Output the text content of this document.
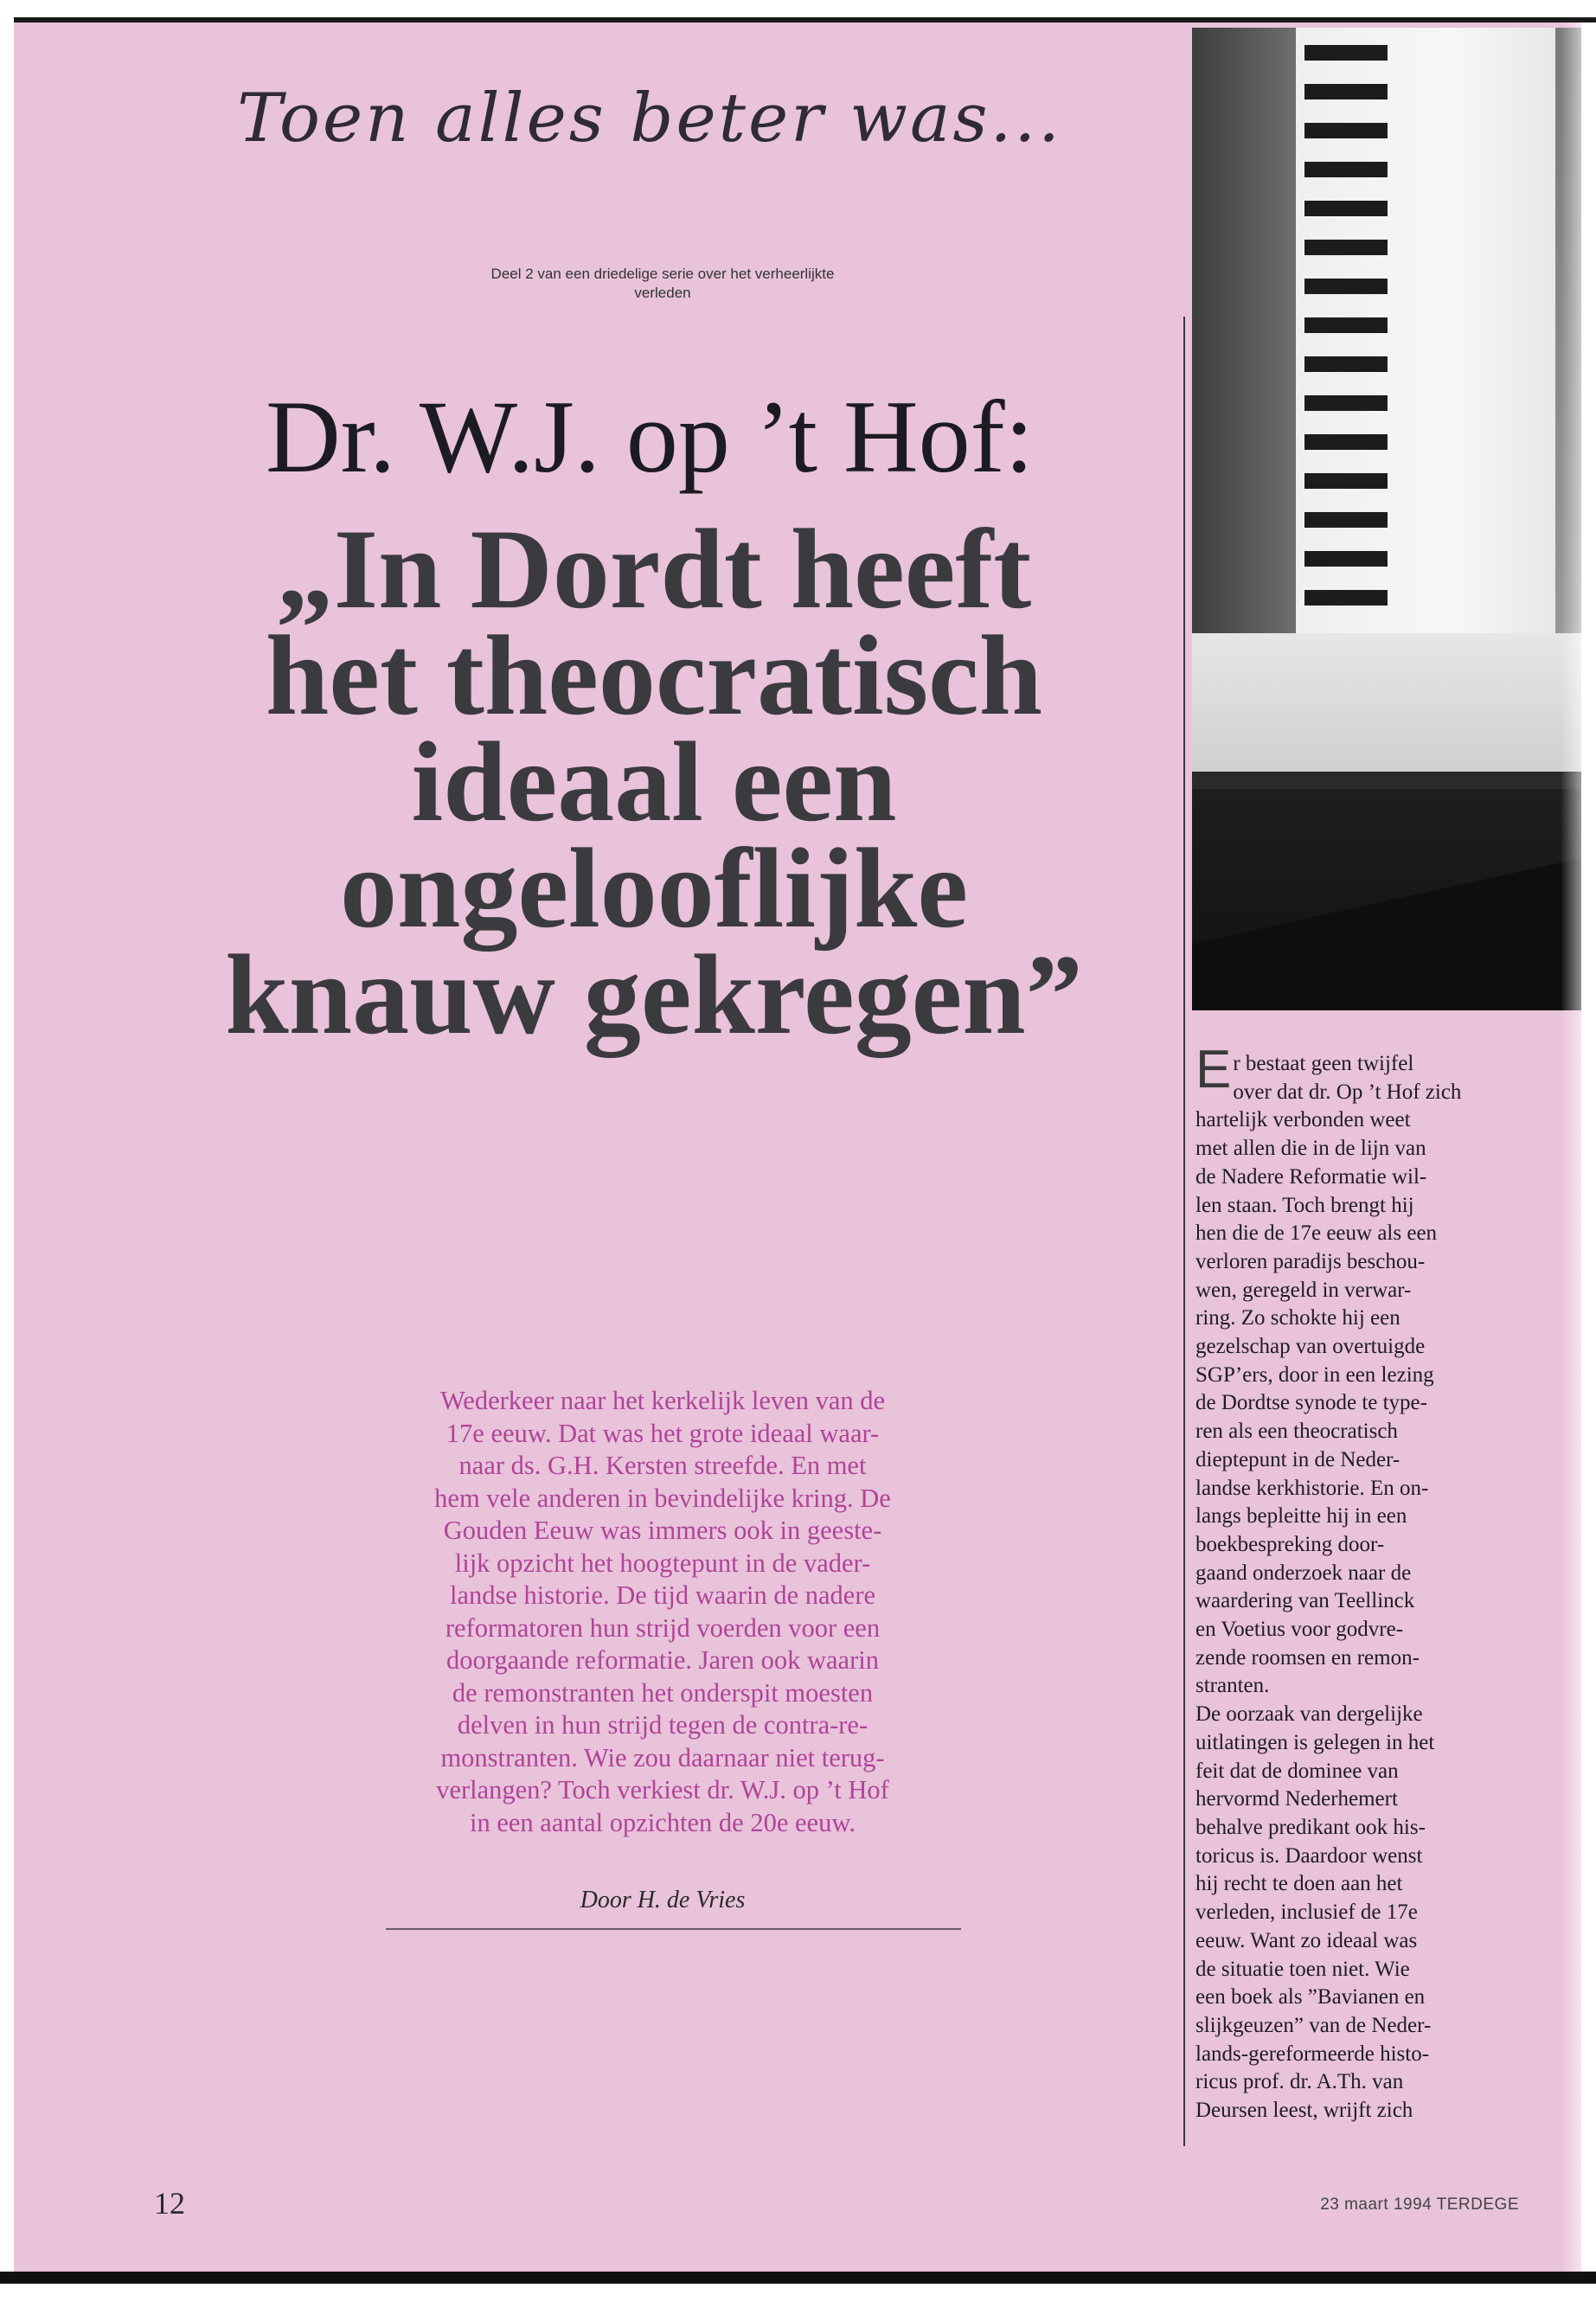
Toen alles beter was...
Deel 2 van een driedelige serie over het verheerlijkte
verleden
Dr. W.J. op ’t Hof:
„In Dordt heeft
het theocratisch
ideaal een
ongelooflijke
knauw gekregen”
Wederkeer naar het kerkelijk leven van de
17e eeuw. Dat was het grote ideaal waar-
naar ds. G.H. Kersten streefde. En met
hem vele anderen in bevindelijke kring. De
Gouden Eeuw was immers ook in geeste-
lijk opzicht het hoogtepunt in de vader-
landse historie. De tijd waarin de nadere
reformatoren hun strijd voerden voor een
doorgaande reformatie. Jaren ook waarin
de remonstranten het onderspit moesten
delven in hun strijd tegen de contra-re-
monstranten. Wie zou daarnaar niet terug-
verlangen? Toch verkiest dr. W.J. op ’t Hof
in een aantal opzichten de 20e eeuw.
Door H. de Vries
E r bestaat geen twijfel
over dat dr. Op ’t Hof zich
hartelijk verbonden weet
met allen die in de lijn van
de Nadere Reformatie wil-
len staan. Toch brengt hij
hen die de 17e eeuw als een
verloren paradijs beschou-
wen, geregeld in verwar-
ring. Zo schokte hij een
gezelschap van overtuigde
SGP’ers, door in een lezing
de Dordtse synode te type-
ren als een theocratisch
dieptepunt in de Neder-
landse kerkhistorie. En on-
langs bepleitte hij in een
boekbespreking door-
gaand onderzoek naar de
waardering van Teellinck
en Voetius voor godvre-
zende roomsen en remon-
stranten.
De oorzaak van dergelijke
uitlatingen is gelegen in het
feit dat de dominee van
hervormd Nederhemert
behalve predikant ook his-
toricus is. Daardoor wenst
hij recht te doen aan het
verleden, inclusief de 17e
eeuw. Want zo ideaal was
de situatie toen niet. Wie
een boek als ”Bavianen en
slijkgeuzen” van de Neder-
lands-gereformeerde histo-
ricus prof. dr. A.Th. van
Deursen leest, wrijft zich
12	23 maart 1994 TERDEGE
